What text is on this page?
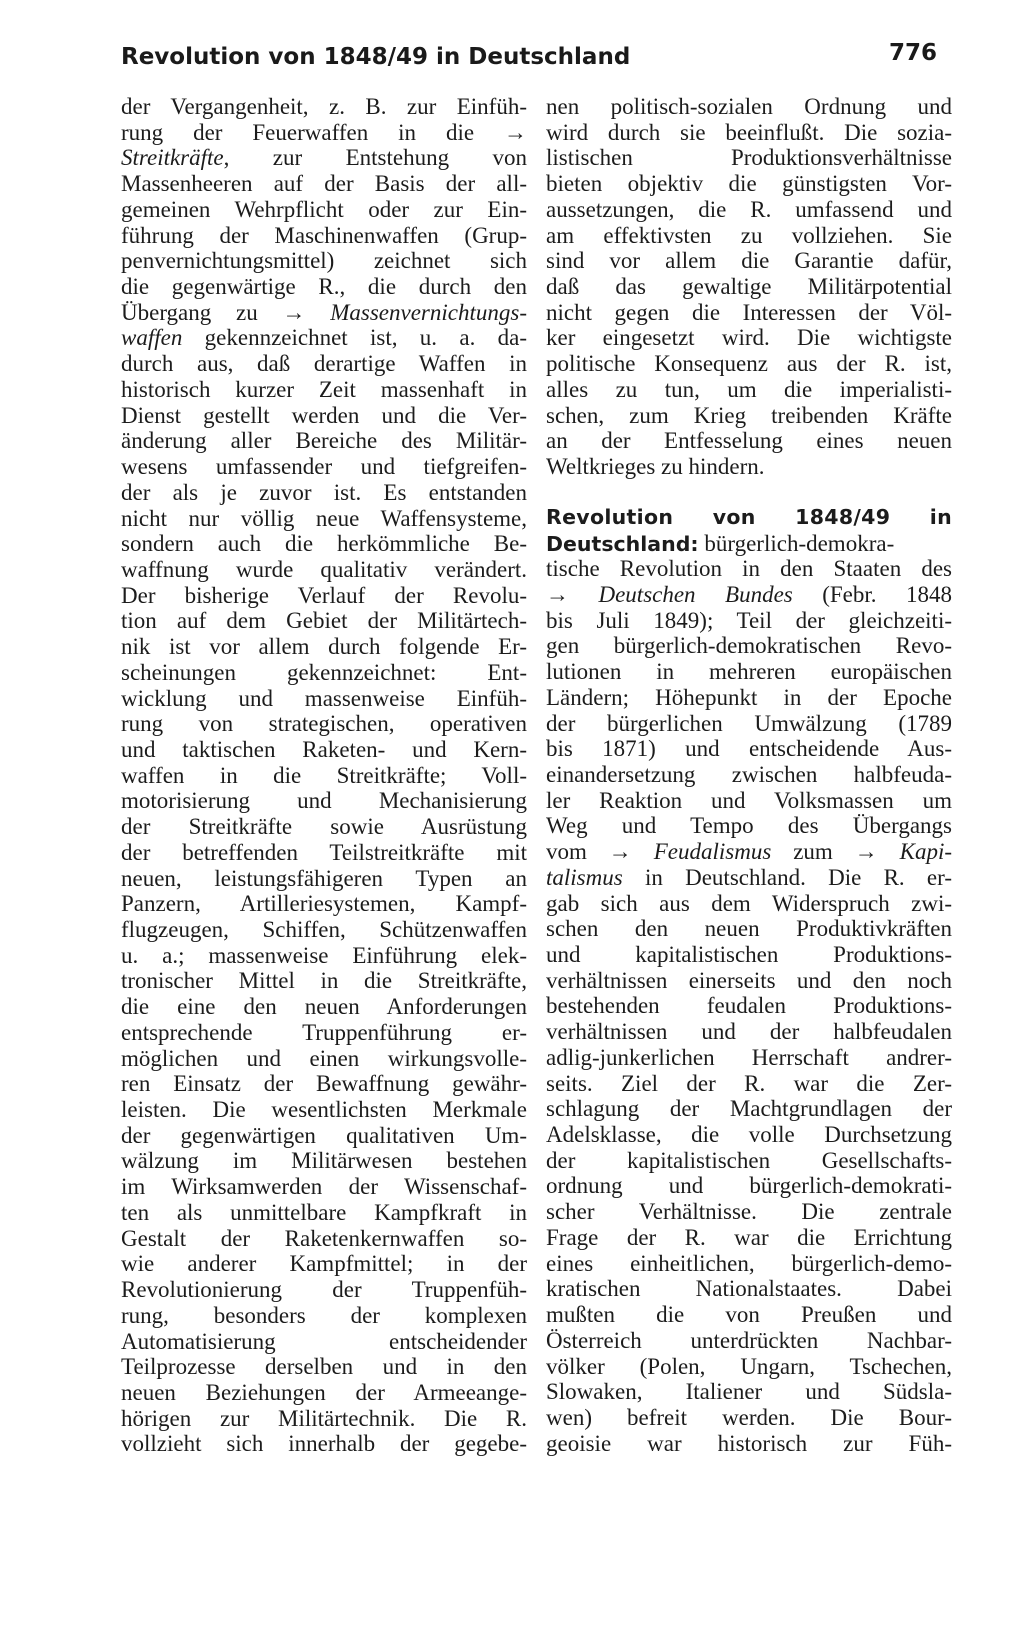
Revolution von 1848/49 in Deutschland	776
der Vergangenheit, z. B. zur Einfüh-
rung der Feuerwaffen in die →
Streitkräfte, zur Entstehung von
Massenheeren auf der Basis der all-
gemeinen Wehrpflicht oder zur Ein-
führung der Maschinenwaffen (Grup-
penvernichtungsmittel) zeichnet sich
die gegenwärtige R., die durch den
Übergang zu → Massenvernichtungs-
waffen gekennzeichnet ist, u. a. da-
durch aus, daß derartige Waffen in
historisch kurzer Zeit massenhaft in
Dienst gestellt werden und die Ver-
änderung aller Bereiche des Militär-
wesens umfassender und tiefgreifen-
der als je zuvor ist. Es entstanden
nicht nur völlig neue Waffensysteme,
sondern auch die herkömmliche Be-
waffnung wurde qualitativ verändert.
Der bisherige Verlauf der Revolu-
tion auf dem Gebiet der Militärtech-
nik ist vor allem durch folgende Er-
scheinungen gekennzeichnet: Ent-
wicklung und massenweise Einfüh-
rung von strategischen, operativen
und taktischen Raketen- und Kern-
waffen in die Streitkräfte; Voll-
motorisierung und Mechanisierung
der Streitkräfte sowie Ausrüstung
der betreffenden Teilstreitkräfte mit
neuen, leistungsfähigeren Typen an
Panzern, Artilleriesystemen, Kampf-
flugzeugen, Schiffen, Schützenwaffen
u. a.; massenweise Einführung elek-
tronischer Mittel in die Streitkräfte,
die eine den neuen Anforderungen
entsprechende Truppenführung er-
möglichen und einen wirkungsvolle-
ren Einsatz der Bewaffnung gewähr-
leisten. Die wesentlichsten Merkmale
der gegenwärtigen qualitativen Um-
wälzung im Militärwesen bestehen
im Wirksamwerden der Wissenschaf-
ten als unmittelbare Kampfkraft in
Gestalt der Raketenkernwaffen so-
wie anderer Kampfmittel; in der
Revolutionierung der Truppenfüh-
rung, besonders der komplexen
Automatisierung entscheidender
Teilprozesse derselben und in den
neuen Beziehungen der Armeeange-
hörigen zur Militärtechnik. Die R.
vollzieht sich innerhalb der gegebe-
nen politisch-sozialen Ordnung und
wird durch sie beeinflußt. Die sozia-
listischen Produktionsverhältnisse
bieten objektiv die günstigsten Vor-
aussetzungen, die R. umfassend und
am effektivsten zu vollziehen. Sie
sind vor allem die Garantie dafür,
daß das gewaltige Militärpotential
nicht gegen die Interessen der Völ-
ker eingesetzt wird. Die wichtigste
politische Konsequenz aus der R. ist,
alles zu tun, um die imperialisti-
schen, zum Krieg treibenden Kräfte
an der Entfesselung eines neuen
Weltkrieges zu hindern.
Revolution von 1848/49 in
Deutschland: bürgerlich-demokra-
tische Revolution in den Staaten des
→ Deutschen Bundes (Febr. 1848
bis Juli 1849); Teil der gleichzeiti-
gen bürgerlich-demokratischen Revo-
lutionen in mehreren europäischen
Ländern; Höhepunkt in der Epoche
der bürgerlichen Umwälzung (1789
bis 1871) und entscheidende Aus-
einandersetzung zwischen halbfeuda-
ler Reaktion und Volksmassen um
Weg und Tempo des Übergangs
vom → Feudalismus zum → Kapi-
talismus in Deutschland. Die R. er-
gab sich aus dem Widerspruch zwi-
schen den neuen Produktivkräften
und kapitalistischen Produktions-
verhältnissen einerseits und den noch
bestehenden feudalen Produktions-
verhältnissen und der halbfeudalen
adlig-junkerlichen Herrschaft andrer-
seits. Ziel der R. war die Zer-
schlagung der Machtgrundlagen der
Adelsklasse, die volle Durchsetzung
der kapitalistischen Gesellschafts-
ordnung und bürgerlich-demokrati-
scher Verhältnisse. Die zentrale
Frage der R. war die Errichtung
eines einheitlichen, bürgerlich-demo-
kratischen Nationalstaates. Dabei
mußten die von Preußen und
Österreich unterdrückten Nachbar-
völker (Polen, Ungarn, Tschechen,
Slowaken, Italiener und Südsla-
wen) befreit werden. Die Bour-
geoisie war historisch zur Füh-
